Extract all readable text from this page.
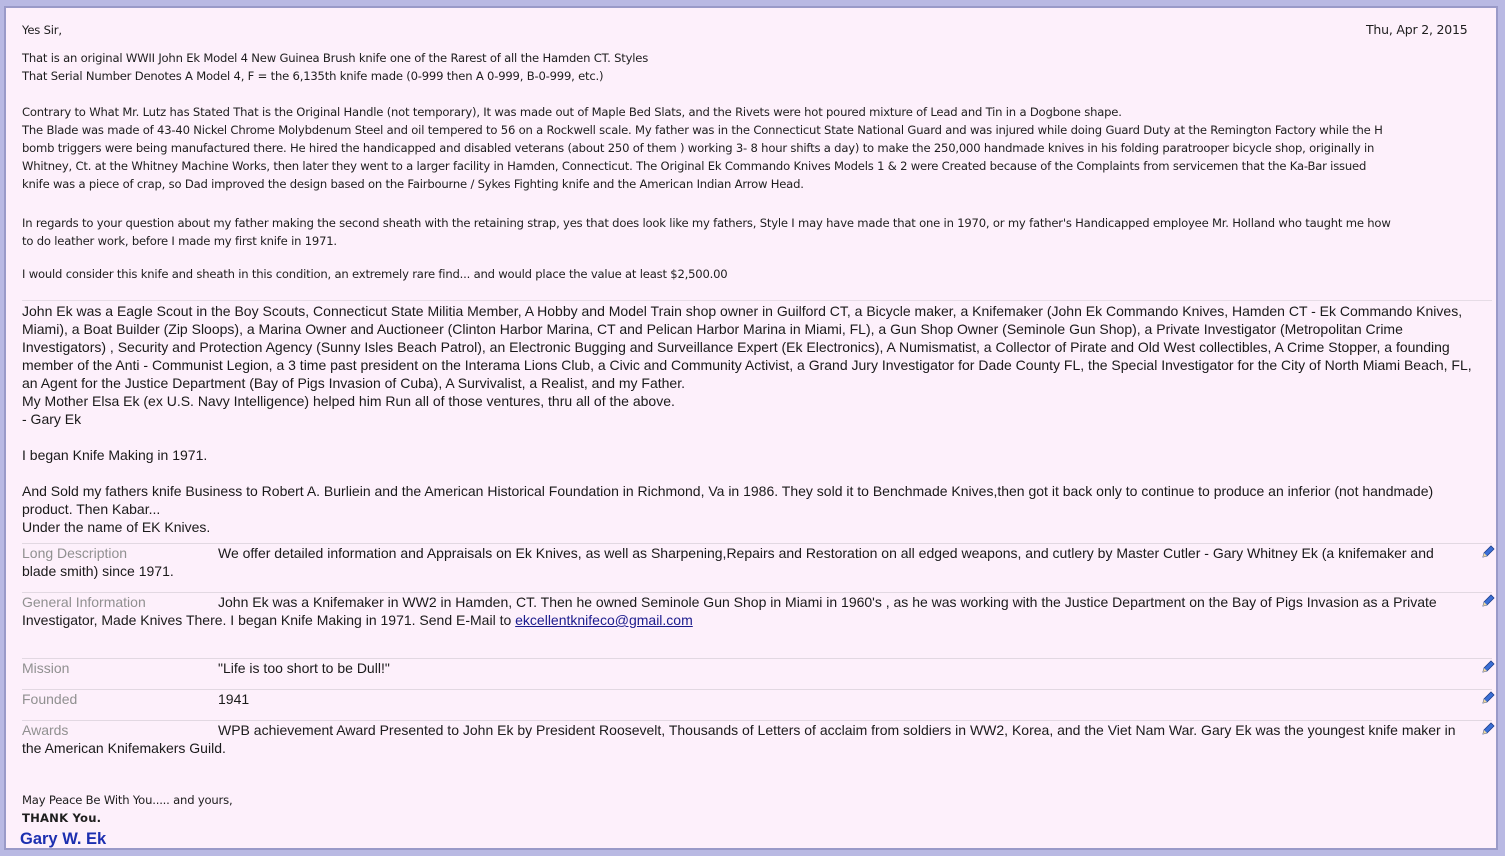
Yes Sir,	Thu, Apr 2, 2015
That is an original WWII John Ek Model 4 New Guinea Brush knife one of the Rarest of all the Hamden CT. Styles
That Serial Number Denotes A Model 4, F = the 6,135th knife made (0-999 then A 0-999, B-0-999, etc.)
Contrary to What Mr. Lutz has Stated That is the Original Handle (not temporary), It was made out of Maple Bed Slats, and the Rivets were hot poured mixture of Lead and Tin in a Dogbone shape.
The Blade was made of 43-40 Nickel Chrome Molybdenum Steel and oil tempered to 56 on a Rockwell scale. My father was in the Connecticut State National Guard and was injured while doing Guard Duty at the Remington Factory while the H
bomb triggers were being manufactured there. He hired the handicapped and disabled veterans (about 250 of them ) working 3- 8 hour shifts a day) to make the 250,000 handmade knives in his folding paratrooper bicycle shop, originally in
Whitney, Ct. at the Whitney Machine Works, then later they went to a larger facility in Hamden, Connecticut. The Original Ek Commando Knives Models 1 & 2 were Created because of the Complaints from servicemen that the Ka-Bar issued
knife was a piece of crap, so Dad improved the design based on the Fairbourne / Sykes Fighting knife and the American Indian Arrow Head.
In regards to your question about my father making the second sheath with the retaining strap, yes that does look like my fathers, Style I may have made that one in 1970, or my father's Handicapped employee Mr. Holland who taught me how
to do leather work, before I made my first knife in 1971.
I would consider this knife and sheath in this condition, an extremely rare find... and would place the value at least $2,500.00
John Ek was a Eagle Scout in the Boy Scouts, Connecticut State Militia Member, A Hobby and Model Train shop owner in Guilford CT, a Bicycle maker, a Knifemaker (John Ek Commando Knives, Hamden CT - Ek Commando Knives,
Miami), a Boat Builder (Zip Sloops), a Marina Owner and Auctioneer (Clinton Harbor Marina, CT and Pelican Harbor Marina in Miami, FL), a Gun Shop Owner (Seminole Gun Shop), a Private Investigator (Metropolitan Crime
Investigators) , Security and Protection Agency (Sunny Isles Beach Patrol), an Electronic Bugging and Surveillance Expert (Ek Electronics), A Numismatist, a Collector of Pirate and Old West collectibles, A Crime Stopper, a founding
member of the Anti - Communist Legion, a 3 time past president on the Interama Lions Club, a Civic and Community Activist, a Grand Jury Investigator for Dade County FL, the Special Investigator for the City of North Miami Beach, FL,
an Agent for the Justice Department (Bay of Pigs Invasion of Cuba), A Survivalist, a Realist, and my Father.
My Mother Elsa Ek (ex U.S. Navy Intelligence) helped him Run all of those ventures, thru all of the above.
- Gary Ek

I began Knife Making in 1971.

And Sold my fathers knife Business to Robert A. Burliein and the American Historical Foundation in Richmond, Va in 1986. They sold it to Benchmade Knives,then got it back only to continue to produce an inferior (not handmade)
product. Then Kabar...
Under the name of EK Knives.
Long Description	We offer detailed information and Appraisals on Ek Knives, as well as Sharpening,Repairs and Restoration on all edged weapons, and cutlery by Master Cutler - Gary Whitney Ek (a knifemaker and blade smith) since 1971.

General Information	John Ek was a Knifemaker in WW2 in Hamden, CT. Then he owned Seminole Gun Shop in Miami in 1960's , as he was working with the Justice Department on the Bay of Pigs Invasion as a Private Investigator, Made Knives There. I began Knife Making in 1971. Send E-Mail to ekcellentknifeco@gmail.com

Mission	"Life is too short to be Dull!"

Founded	1941

Awards	WPB achievement Award Presented to John Ek by President Roosevelt, Thousands of Letters of acclaim from soldiers in WW2, Korea, and the Viet Nam War. Gary Ek was the youngest knife maker in the American Knifemakers Guild.

May Peace Be With You..... and yours,
THANK You.
Gary W. Ek
